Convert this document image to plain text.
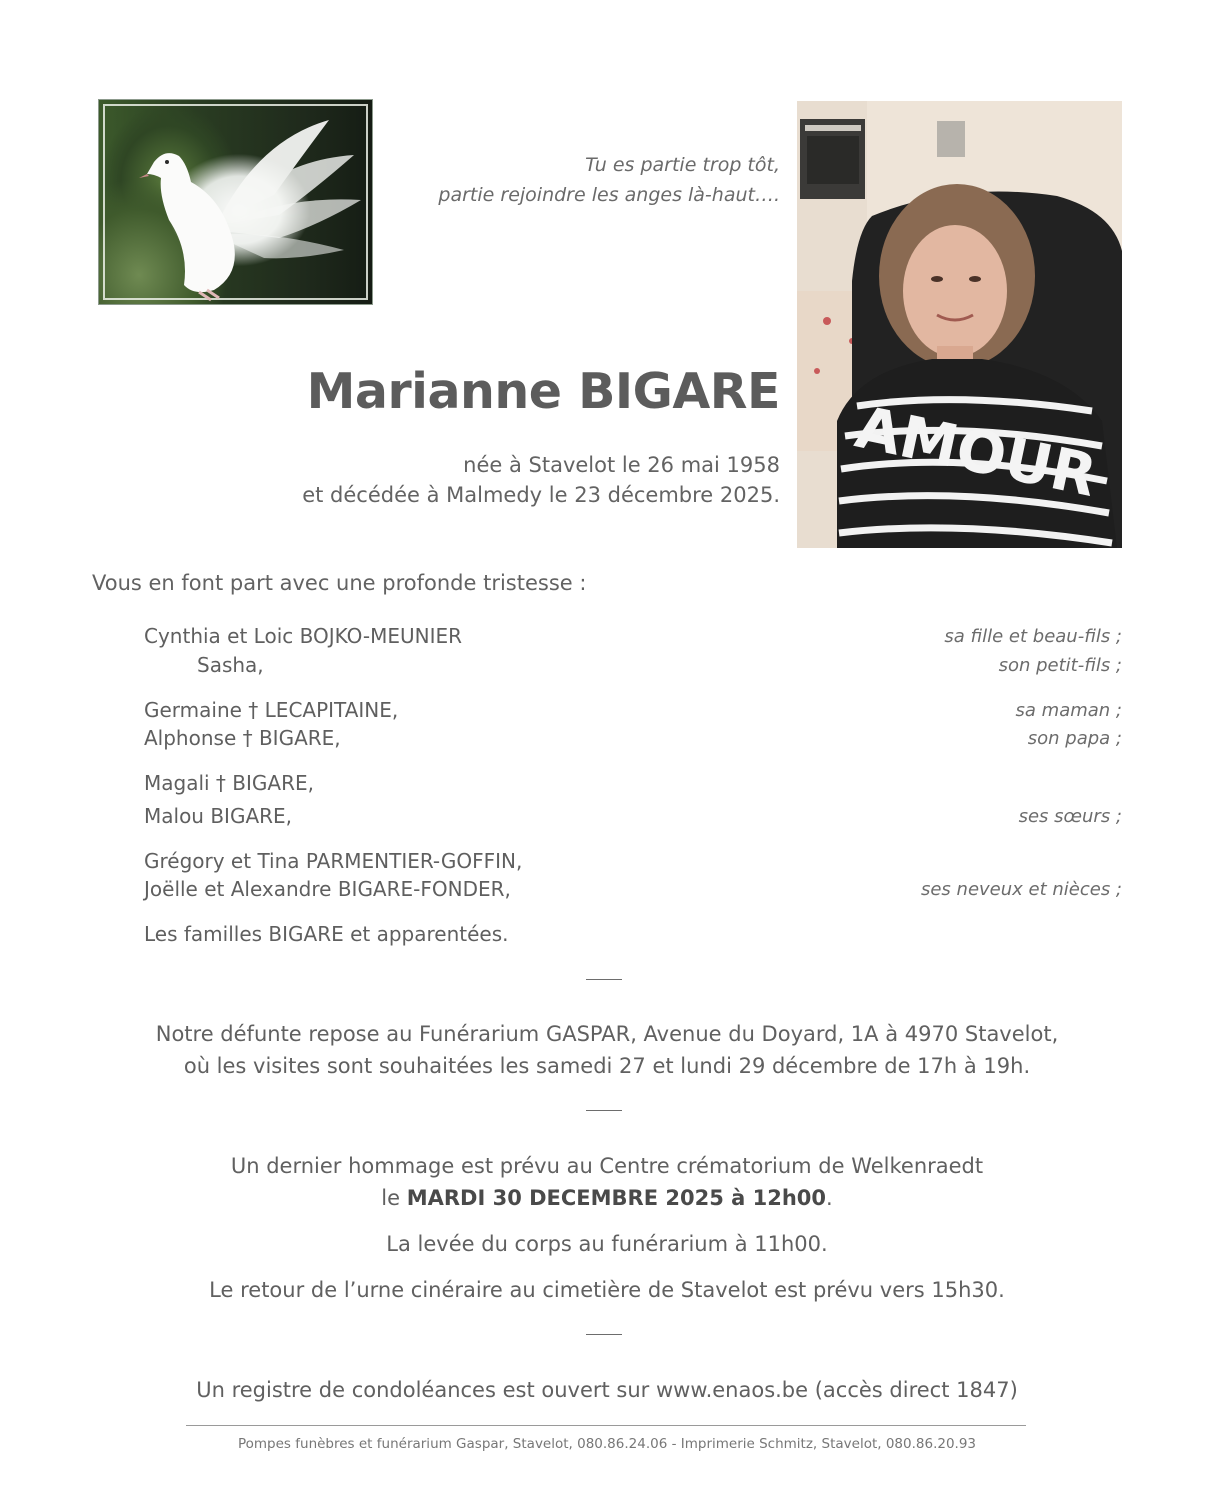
AMOUR
Tu es partie trop tôt,
partie rejoindre les anges là-haut….
Marianne BIGARE
née à Stavelot le 26 mai 1958
et décédée à Malmedy le 23 décembre 2025.
Vous en font part avec une profonde tristesse :
Cynthia et Loic BOJKO-MEUNIER	sa fille et beau-fils ;
Sasha,	son petit-fils ;
Germaine † LECAPITAINE,	sa maman ;
Alphonse † BIGARE,	son papa ;
Magali † BIGARE,
Malou BIGARE,	ses sœurs ;
Grégory et Tina PARMENTIER-GOFFIN,
Joëlle et Alexandre BIGARE-FONDER,	ses neveux et nièces ;
Les familles BIGARE et apparentées.
Notre défunte repose au Funérarium GASPAR, Avenue du Doyard, 1A à 4970 Stavelot,
où les visites sont souhaitées les samedi 27 et lundi 29 décembre de 17h à 19h.
Un dernier hommage est prévu au Centre crématorium de Welkenraedt
le MARDI 30 DECEMBRE 2025 à 12h00.
La levée du corps au funérarium à 11h00.
Le retour de l’urne cinéraire au cimetière de Stavelot est prévu vers 15h30.
Un registre de condoléances est ouvert sur www.enaos.be (accès direct 1847)
Pompes funèbres et funérarium Gaspar, Stavelot, 080.86.24.06 - Imprimerie Schmitz, Stavelot, 080.86.20.93
